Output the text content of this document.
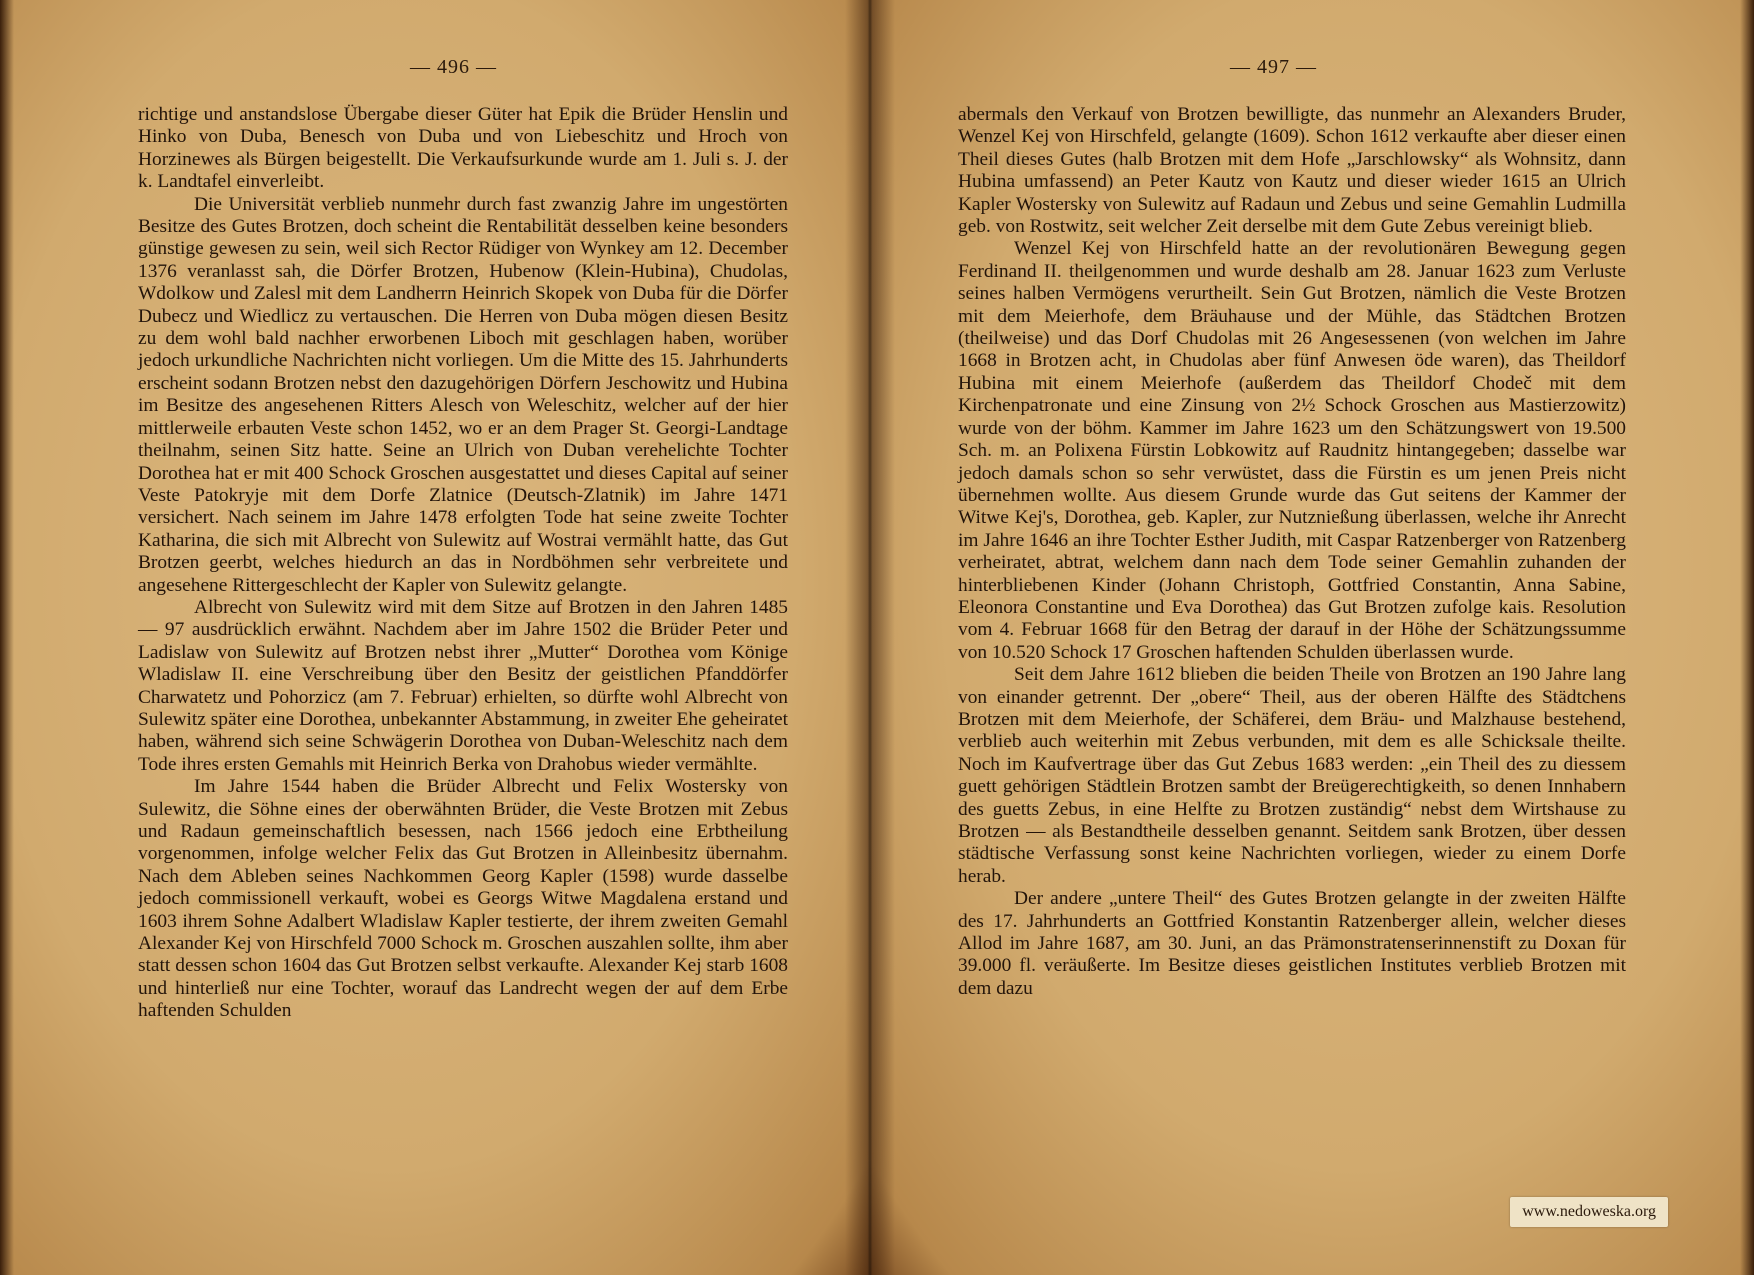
— 496 —

richtige und anstandslose Übergabe dieser Güter hat Epik die Brüder Henslin und Hinko von Duba, Benesch von Duba und von Liebeschitz und Hroch von Horzinewes als Bürgen beigestellt. Die Verkaufsurkunde wurde am 1. Juli s. J. der k. Landtafel einverleibt.

Die Universität verblieb nunmehr durch fast zwanzig Jahre im ungestörten Besitze des Gutes Brotzen, doch scheint die Rentabilität desselben keine besonders günstige gewesen zu sein, weil sich Rector Rüdiger von Wynkey am 12. December 1376 veranlasst sah, die Dörfer Brotzen, Hubenow (Klein-Hubina), Chudolas, Wdolkow und Zalesl mit dem Landherrn Heinrich Skopek von Duba für die Dörfer Dubecz und Wiedlicz zu vertauschen. Die Herren von Duba mögen diesen Besitz zu dem wohl bald nachher erworbenen Liboch mit geschlagen haben, worüber jedoch urkundliche Nachrichten nicht vorliegen. Um die Mitte des 15. Jahrhunderts erscheint sodann Brotzen nebst den dazugehörigen Dörfern Jeschowitz und Hubina im Besitze des angesehenen Ritters Alesch von Weleschitz, welcher auf der hier mittlerweile erbauten Veste schon 1452, wo er an dem Prager St. Georgi-Landtage theilnahm, seinen Sitz hatte. Seine an Ulrich von Duban verehelichte Tochter Dorothea hat er mit 400 Schock Groschen ausgestattet und dieses Capital auf seiner Veste Patokryje mit dem Dorfe Zlatnice (Deutsch-Zlatnik) im Jahre 1471 versichert. Nach seinem im Jahre 1478 erfolgten Tode hat seine zweite Tochter Katharina, die sich mit Albrecht von Sulewitz auf Wostrai vermählt hatte, das Gut Brotzen geerbt, welches hiedurch an das in Nordböhmen sehr verbreitete und angesehene Rittergeschlecht der Kapler von Sulewitz gelangte.

Albrecht von Sulewitz wird mit dem Sitze auf Brotzen in den Jahren 1485 — 97 ausdrücklich erwähnt. Nachdem aber im Jahre 1502 die Brüder Peter und Ladislaw von Sulewitz auf Brotzen nebst ihrer „Mutter“ Dorothea vom Könige Wladislaw II. eine Verschreibung über den Besitz der geistlichen Pfanddörfer Charwatetz und Pohorzicz (am 7. Februar) erhielten, so dürfte wohl Albrecht von Sulewitz später eine Dorothea, unbekannter Abstammung, in zweiter Ehe geheiratet haben, während sich seine Schwägerin Dorothea von Duban-Weleschitz nach dem Tode ihres ersten Gemahls mit Heinrich Berka von Drahobus wieder vermählte.

Im Jahre 1544 haben die Brüder Albrecht und Felix Wostersky von Sulewitz, die Söhne eines der oberwähnten Brüder, die Veste Brotzen mit Zebus und Radaun gemeinschaftlich besessen, nach 1566 jedoch eine Erbtheilung vorgenommen, infolge welcher Felix das Gut Brotzen in Alleinbesitz übernahm. Nach dem Ableben seines Nachkommen Georg Kapler (1598) wurde dasselbe jedoch commissionell verkauft, wobei es Georgs Witwe Magdalena erstand und 1603 ihrem Sohne Adalbert Wladislaw Kapler testierte, der ihrem zweiten Gemahl Alexander Kej von Hirschfeld 7000 Schock m. Groschen auszahlen sollte, ihm aber statt dessen schon 1604 das Gut Brotzen selbst verkaufte. Alexander Kej starb 1608 und hinterließ nur eine Tochter, worauf das Landrecht wegen der auf dem Erbe haftenden Schulden

— 497 —

abermals den Verkauf von Brotzen bewilligte, das nunmehr an Alexanders Bruder, Wenzel Kej von Hirschfeld, gelangte (1609). Schon 1612 verkaufte aber dieser einen Theil dieses Gutes (halb Brotzen mit dem Hofe „Jarschlowsky“ als Wohnsitz, dann Hubina umfassend) an Peter Kautz von Kautz und dieser wieder 1615 an Ulrich Kapler Wostersky von Sulewitz auf Radaun und Zebus und seine Gemahlin Ludmilla geb. von Rostwitz, seit welcher Zeit derselbe mit dem Gute Zebus vereinigt blieb.

Wenzel Kej von Hirschfeld hatte an der revolutionären Bewegung gegen Ferdinand II. theilgenommen und wurde deshalb am 28. Januar 1623 zum Verluste seines halben Vermögens verurtheilt. Sein Gut Brotzen, nämlich die Veste Brotzen mit dem Meierhofe, dem Bräuhause und der Mühle, das Städtchen Brotzen (theilweise) und das Dorf Chudolas mit 26 Angesessenen (von welchen im Jahre 1668 in Brotzen acht, in Chudolas aber fünf Anwesen öde waren), das Theildorf Hubina mit einem Meierhofe (außerdem das Theildorf Chodeč mit dem Kirchenpatronate und eine Zinsung von 2½ Schock Groschen aus Mastierzowitz) wurde von der böhm. Kammer im Jahre 1623 um den Schätzungswert von 19.500 Sch. m. an Polixena Fürstin Lobkowitz auf Raudnitz hintangegeben; dasselbe war jedoch damals schon so sehr verwüstet, dass die Fürstin es um jenen Preis nicht übernehmen wollte. Aus diesem Grunde wurde das Gut seitens der Kammer der Witwe Kej's, Dorothea, geb. Kapler, zur Nutznießung überlassen, welche ihr Anrecht im Jahre 1646 an ihre Tochter Esther Judith, mit Caspar Ratzenberger von Ratzenberg verheiratet, abtrat, welchem dann nach dem Tode seiner Gemahlin zuhanden der hinterbliebenen Kinder (Johann Christoph, Gottfried Constantin, Anna Sabine, Eleonora Constantine und Eva Dorothea) das Gut Brotzen zufolge kais. Resolution vom 4. Februar 1668 für den Betrag der darauf in der Höhe der Schätzungssumme von 10.520 Schock 17 Groschen haftenden Schulden überlassen wurde.

Seit dem Jahre 1612 blieben die beiden Theile von Brotzen an 190 Jahre lang von einander getrennt. Der „obere“ Theil, aus der oberen Hälfte des Städtchens Brotzen mit dem Meierhofe, der Schäferei, dem Bräu- und Malzhause bestehend, verblieb auch weiterhin mit Zebus verbunden, mit dem es alle Schicksale theilte. Noch im Kaufvertrage über das Gut Zebus 1683 werden: „ein Theil des zu diessem guett gehörigen Städtlein Brotzen sambt der Breügerechtigkeith, so denen Innhabern des guetts Zebus, in eine Helfte zu Brotzen zuständig“ nebst dem Wirtshause zu Brotzen — als Bestandtheile desselben genannt. Seitdem sank Brotzen, über dessen städtische Verfassung sonst keine Nachrichten vorliegen, wieder zu einem Dorfe herab.

Der andere „untere Theil“ des Gutes Brotzen gelangte in der zweiten Hälfte des 17. Jahrhunderts an Gottfried Konstantin Ratzenberger allein, welcher dieses Allod im Jahre 1687, am 30. Juni, an das Prämonstratenserinnenstift zu Doxan für 39.000 fl. veräußerte. Im Besitze dieses geistlichen Institutes verblieb Brotzen mit dem dazu

www.nedoweska.org
